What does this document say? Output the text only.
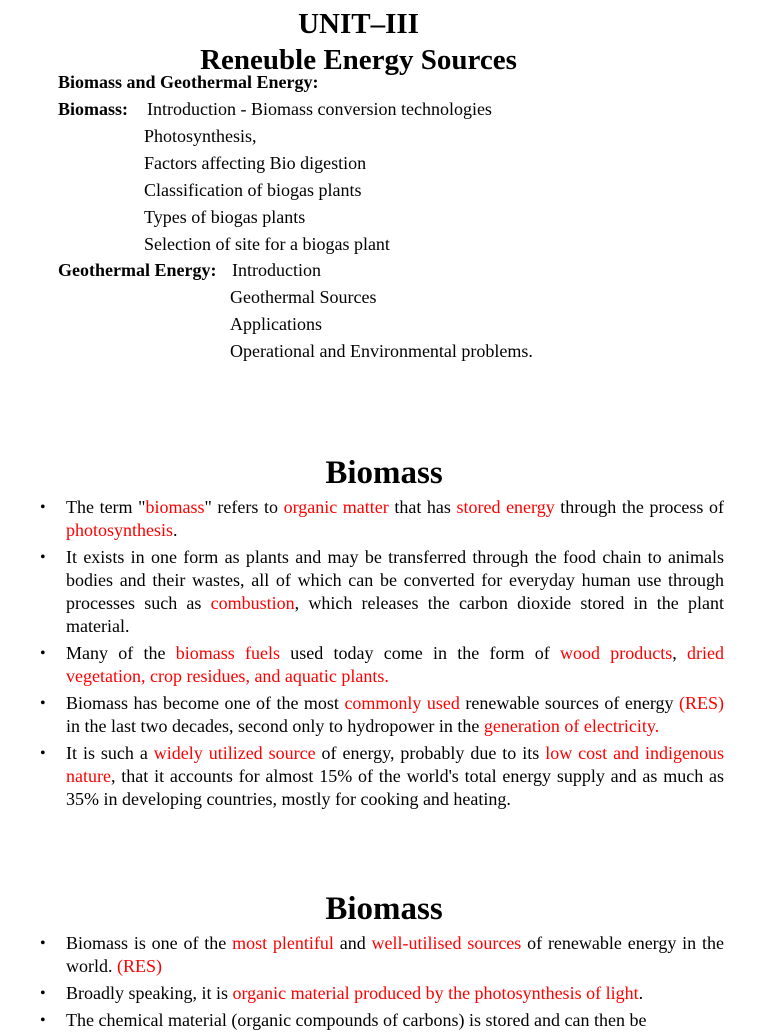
UNIT–III
Reneuble Energy Sources
Biomass and Geothermal Energy:
Biomass: Introduction - Biomass conversion technologies
Photosynthesis,
Factors affecting Bio digestion
Classification of biogas plants
Types of biogas plants
Selection of site for a biogas plant
Geothermal Energy: Introduction
Geothermal Sources
Applications
Operational and Environmental problems.
Biomass
• The term "biomass" refers to organic matter that has stored energy through the process of photosynthesis.
• It exists in one form as plants and may be transferred through the food chain to animals bodies and their wastes, all of which can be converted for everyday human use through processes such as combustion, which releases the carbon dioxide stored in the plant material.
• Many of the biomass fuels used today come in the form of wood products, dried vegetation, crop residues, and aquatic plants.
• Biomass has become one of the most commonly used renewable sources of energy (RES) in the last two decades, second only to hydropower in the generation of electricity.
• It is such a widely utilized source of energy, probably due to its low cost and indigenous nature, that it accounts for almost 15% of the world's total energy supply and as much as 35% in developing countries, mostly for cooking and heating.
Biomass
• Biomass is one of the most plentiful and well-utilised sources of renewable energy in the world. (RES)
• Broadly speaking, it is organic material produced by the photosynthesis of light.
• The chemical material (organic compounds of carbons) is stored and can then be
